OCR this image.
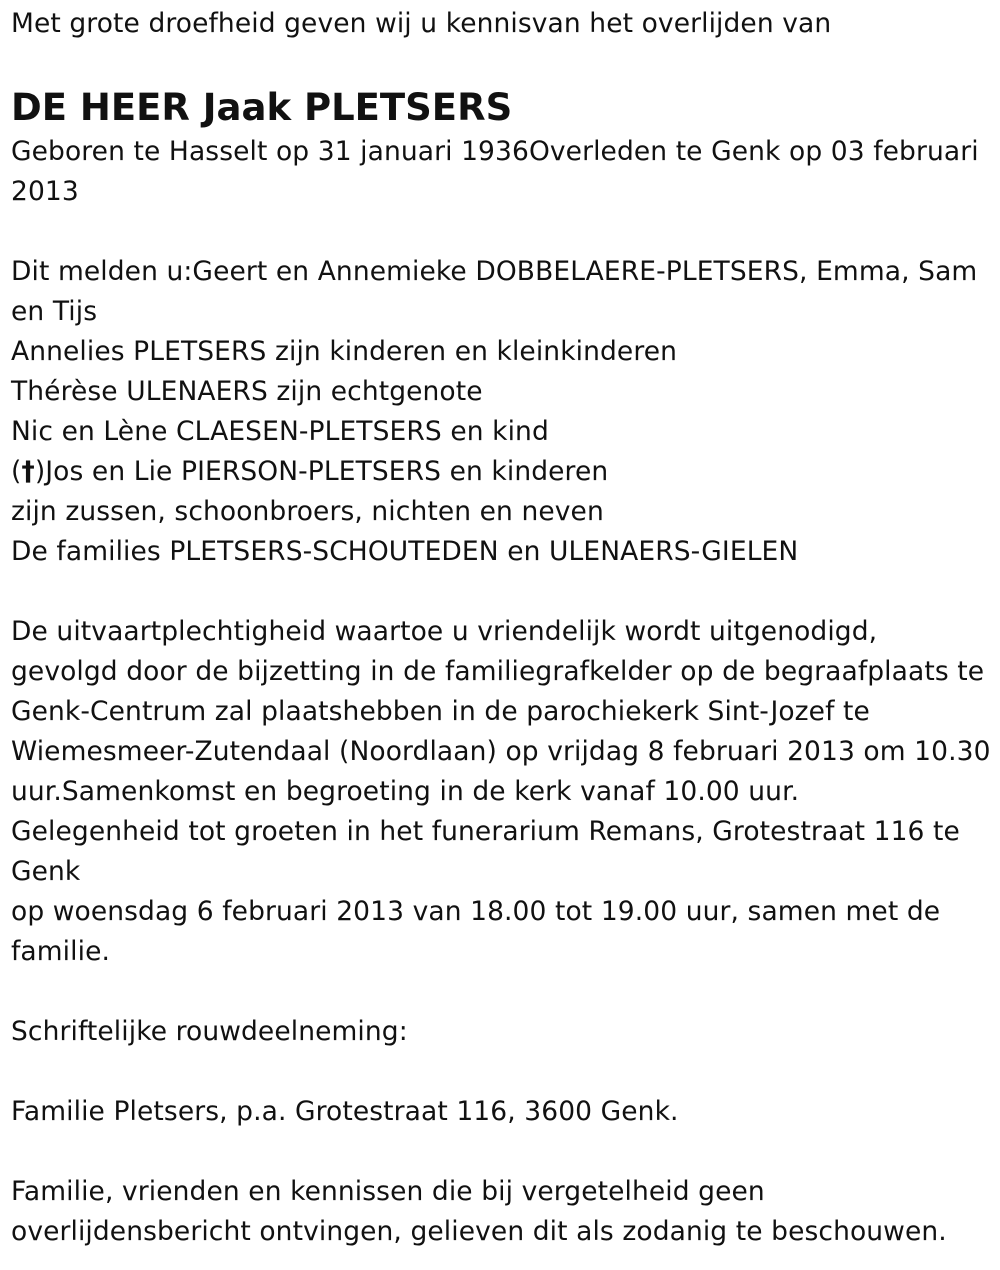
Met grote droefheid geven wij u kennisvan het overlijden van
DE HEER Jaak PLETSERS
Geboren te Hasselt op 31 januari 1936Overleden te Genk op 03 februari
2013
Dit melden u:Geert en Annemieke DOBBELAERE-PLETSERS, Emma, Sam
en Tijs
Annelies PLETSERS zijn kinderen en kleinkinderen
Thérèse ULENAERS zijn echtgenote
Nic en Lène CLAESEN-PLETSERS en kind
(†)Jos en Lie PIERSON-PLETSERS en kinderen
zijn zussen, schoonbroers, nichten en neven
De families PLETSERS-SCHOUTEDEN en ULENAERS-GIELEN
De uitvaartplechtigheid waartoe u vriendelijk wordt uitgenodigd,
gevolgd door de bijzetting in de familiegrafkelder op de begraafplaats te
Genk-Centrum zal plaatshebben in de parochiekerk Sint-Jozef te
Wiemesmeer-Zutendaal (Noordlaan) op vrijdag 8 februari 2013 om 10.30
uur.Samenkomst en begroeting in de kerk vanaf 10.00 uur.
Gelegenheid tot groeten in het funerarium Remans, Grotestraat 116 te
Genk
op woensdag 6 februari 2013 van 18.00 tot 19.00 uur, samen met de
familie.
Schriftelijke rouwdeelneming:
Familie Pletsers, p.a. Grotestraat 116, 3600 Genk.
Familie, vrienden en kennissen die bij vergetelheid geen
overlijdensbericht ontvingen, gelieven dit als zodanig te beschouwen.
